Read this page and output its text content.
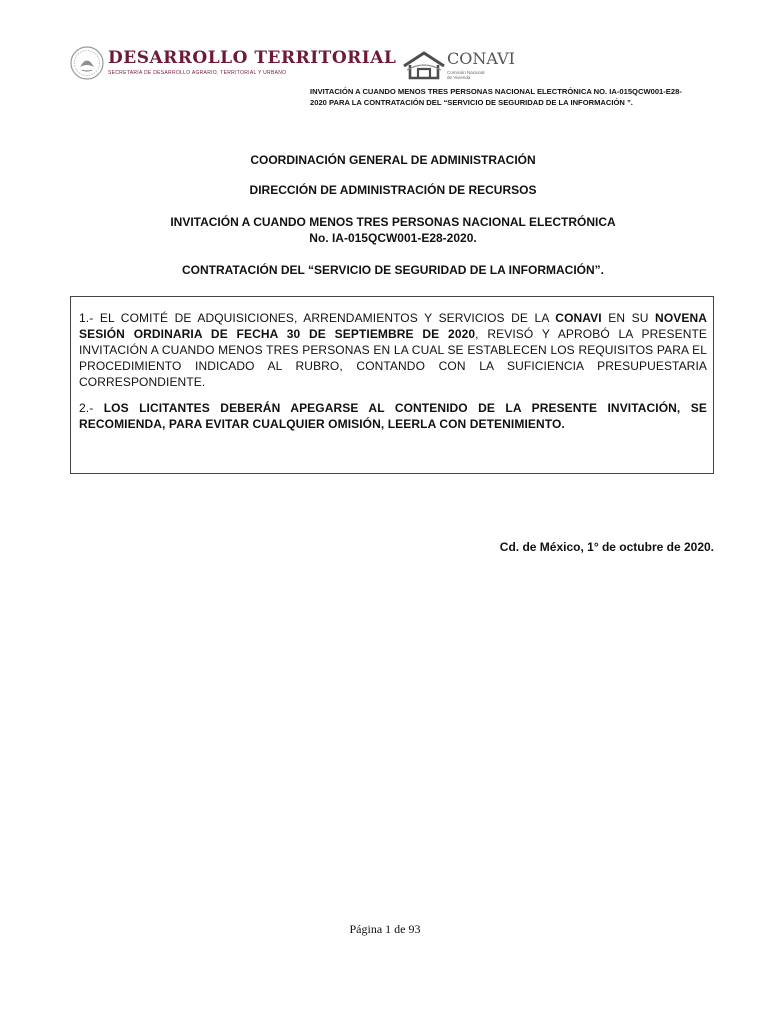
DESARROLLO TERRITORIAL
SECRETARÍA DE DESARROLLO AGRARIO, TERRITORIAL Y URBANO
CONAVI
Comisión Nacional
de Vivienda
INVITACIÓN A CUANDO MENOS TRES PERSONAS NACIONAL ELECTRÓNICA NO. IA-015QCW001-E28-2020 PARA LA CONTRATACIÓN DEL “SERVICIO DE SEGURIDAD DE LA INFORMACIÓN ”.

COORDINACIÓN GENERAL DE ADMINISTRACIÓN

DIRECCIÓN DE ADMINISTRACIÓN DE RECURSOS

INVITACIÓN A CUANDO MENOS TRES PERSONAS NACIONAL ELECTRÓNICA
No. IA-015QCW001-E28-2020.

CONTRATACIÓN DEL “SERVICIO DE SEGURIDAD DE LA INFORMACIÓN”.

1.- EL COMITÉ DE ADQUISICIONES, ARRENDAMIENTOS Y SERVICIOS DE LA CONAVI EN SU NOVENA SESIÓN ORDINARIA DE FECHA 30 DE SEPTIEMBRE DE 2020, REVISÓ Y APROBÓ LA PRESENTE INVITACIÓN A CUANDO MENOS TRES PERSONAS EN LA CUAL SE ESTABLECEN LOS REQUISITOS PARA EL PROCEDIMIENTO INDICADO AL RUBRO, CONTANDO CON LA SUFICIENCIA PRESUPUESTARIA CORRESPONDIENTE.

2.- LOS LICITANTES DEBERÁN APEGARSE AL CONTENIDO DE LA PRESENTE INVITACIÓN, SE RECOMIENDA, PARA EVITAR CUALQUIER OMISIÓN, LEERLA CON DETENIMIENTO.

Cd. de México, 1° de octubre de 2020.
Página 1 de 93
